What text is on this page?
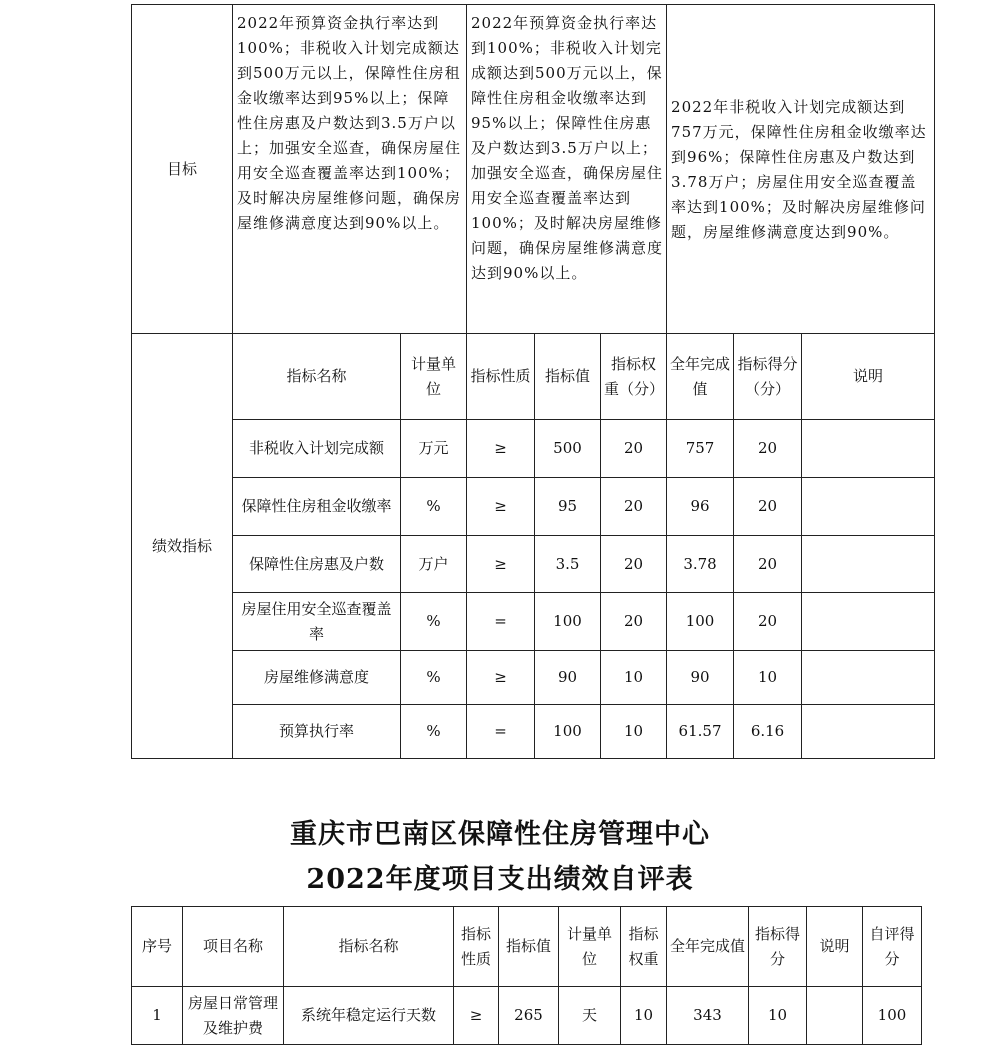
目标	2022年预算资金执行率达到100%；非税收入计划完成额达到500万元以上，保障性住房租金收缴率达到95%以上；保障性住房惠及户数达到3.5万户以上；加强安全巡查，确保房屋住用安全巡查覆盖率达到100%；及时解决房屋维修问题，确保房屋维修满意度达到90%以上。		2022年预算资金执行率达到100%；非税收入计划完成额达到500万元以上，保障性住房租金收缴率达到95%以上；保障性住房惠及户数达到3.5万户以上；加强安全巡查，确保房屋住用安全巡查覆盖率达到100%；及时解决房屋维修问题，确保房屋维修满意度达到90%以上。			2022年非税收入计划完成额达到757万元，保障性住房租金收缴率达到96%；保障性住房惠及户数达到3.78万户；房屋住用安全巡查覆盖率达到100%；及时解决房屋维修问题，房屋维修满意度达到90%。		
绩效指标	指标名称	计量单位	指标性质	指标值	指标权重（分）	全年完成值	指标得分（分）	说明
	非税收入计划完成额	万元	≥	500	20	757	20	
	保障性住房租金收缴率	%	≥	95	20	96	20	
	保障性住房惠及户数	万户	≥	3.5	20	3.78	20	
	房屋住用安全巡查覆盖率	%	=	100	20	100	20	
	房屋维修满意度	%	≥	90	10	90	10	
	预算执行率	%	=	100	10	61.57	6.16	
重庆市巴南区保障性住房管理中心
2022年度项目支出绩效自评表
序号	项目名称	指标名称	指标性质	指标值	计量单位	指标权重	全年完成值	指标得分	说明	自评得分
1	房屋日常管理及维护费	系统年稳定运行天数	≥	265	天	10	343	10		100
